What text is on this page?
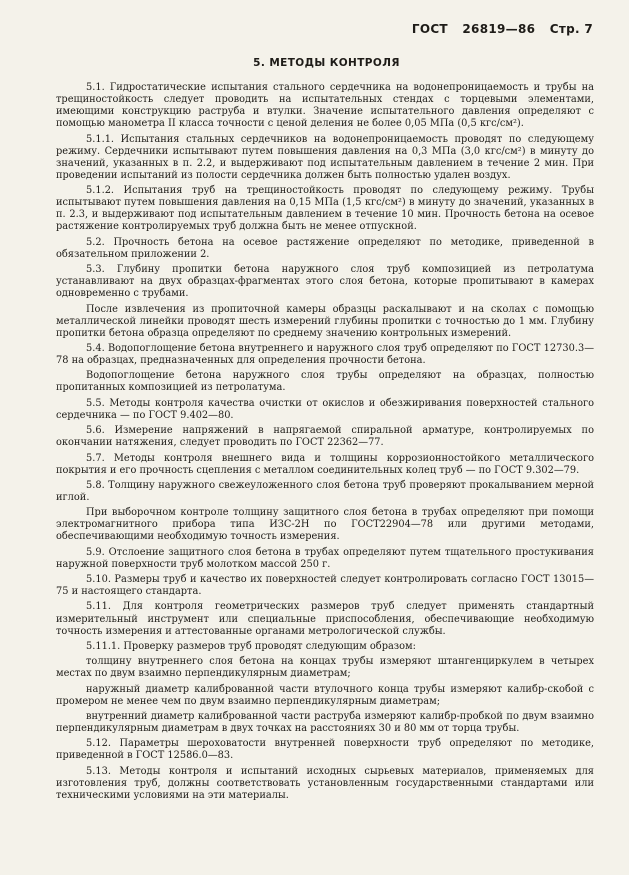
ГОСТ 26819—86 Стр. 7
5. МЕТОДЫ КОНТРОЛЯ

5.1. Гидростатические испытания стального сердечника на водонепроницаемость и трубы на трещиностойкость следует проводить на испытательных стендах с торцевыми элементами, имеющими конструкцию раструба и втулки. Значение испытательного давления определяют с помощью манометра II класса точности с ценой деления не более 0,05 МПа (0,5 кгс/см²).

5.1.1. Испытания стальных сердечников на водонепроницаемость проводят по следующему режиму. Сердечники испытывают путем повышения давления на 0,3 МПа (3,0 кгс/см²) в минуту до значений, указанных в п. 2.2, и выдерживают под испытательным давлением в течение 2 мин. При проведении испытаний из полости сердечника должен быть полностью удален воздух.

5.1.2. Испытания труб на трещиностойкость проводят по следующему режиму. Трубы испытывают путем повышения давления на 0,15 МПа (1,5 кгс/см²) в минуту до значений, указанных в п. 2.3, и выдерживают под испытательным давлением в течение 10 мин. Прочность бетона на осевое растяжение контролируемых труб должна быть не менее отпускной.

5.2. Прочность бетона на осевое растяжение определяют по методике, приведенной в обязательном приложении 2.

5.3. Глубину пропитки бетона наружного слоя труб композицией из петролатума устанавливают на двух образцах-фрагментах этого слоя бетона, которые пропитывают в камерах одновременно с трубами.

После извлечения из пропиточной камеры образцы раскалывают и на сколах с помощью металлической линейки проводят шесть измерений глубины пропитки с точностью до 1 мм. Глубину пропитки бетона образца определяют по среднему значению контрольных измерений.

5.4. Водопоглощение бетона внутреннего и наружного слоя труб определяют по ГОСТ 12730.3—78 на образцах, предназначенных для определения прочности бетона.

Водопоглощение бетона наружного слоя трубы определяют на образцах, полностью пропитанных композицией из петролатума.

5.5. Методы контроля качества очистки от окислов и обезжиривания поверхностей стального сердечника — по ГОСТ 9.402—80.

5.6. Измерение напряжений в напрягаемой спиральной арматуре, контролируемых по окончании натяжения, следует проводить по ГОСТ 22362—77.

5.7. Методы контроля внешнего вида и толщины коррозионностойкого металлического покрытия и его прочность сцепления с металлом соединительных колец труб — по ГОСТ 9.302—79.

5.8. Толщину наружного свежеуложенного слоя бетона труб проверяют прокалыванием мерной иглой.

При выборочном контроле толщину защитного слоя бетона в трубах определяют при помощи электромагнитного прибора типа ИЗС-2Н по ГОСТ22904—78 или другими методами, обеспечивающими необходимую точность измерения.

5.9. Отслоение защитного слоя бетона в трубах определяют путем тщательного простукивания наружной поверхности труб молотком массой 250 г.

5.10. Размеры труб и качество их поверхностей следует контролировать согласно ГОСТ 13015—75 и настоящего стандарта.

5.11. Для контроля геометрических размеров труб следует применять стандартный измерительный инструмент или специальные приспособления, обеспечивающие необходимую точность измерения и аттестованные органами метрологической службы.

5.11.1. Проверку размеров труб проводят следующим образом:

толщину внутреннего слоя бетона на концах трубы измеряют штангенциркулем в четырех местах по двум взаимно перпендикулярным диаметрам;

наружный диаметр калиброванной части втулочного конца трубы измеряют калибр-скобой с промером не менее чем по двум взаимно перпендикулярным диаметрам;

внутренний диаметр калиброванной части раструба измеряют калибр-пробкой по двум взаимно перпендикулярным диаметрам в двух точках на расстояниях 30 и 80 мм от торца трубы.

5.12. Параметры шероховатости внутренней поверхности труб определяют по методике, приведенной в ГОСТ 12586.0—83.

5.13. Методы контроля и испытаний исходных сырьевых материалов, применяемых для изготовления труб, должны соответствовать установленным государственными стандартами или техническими условиями на эти материалы.
